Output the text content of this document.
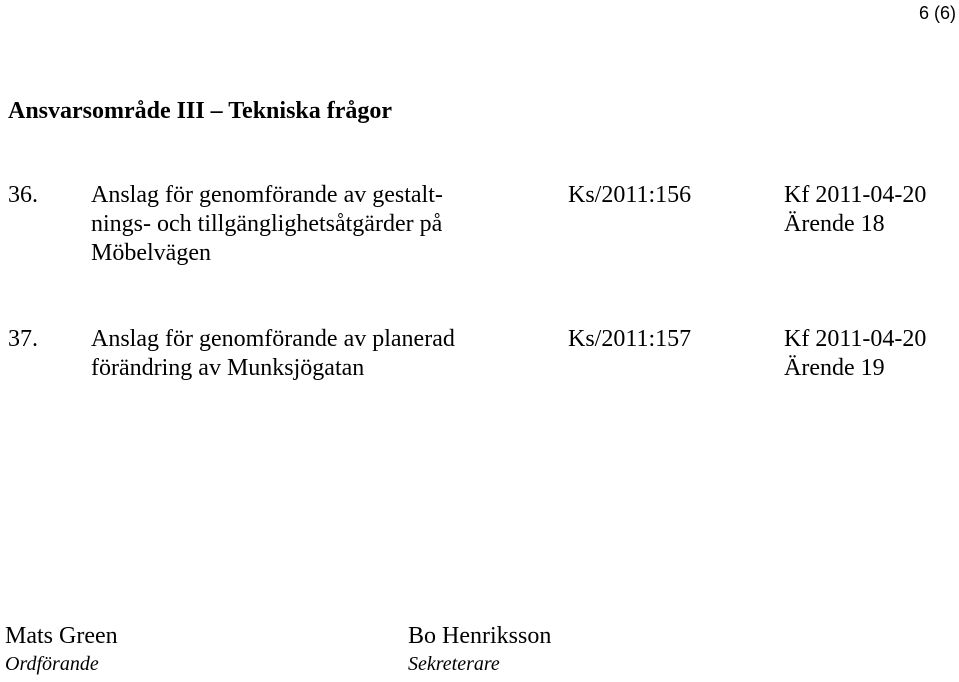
6 (6)
Ansvarsområde III – Tekniska frågor
36. Anslag för genomförande av gestalt-
nings- och tillgänglighetsåtgärder på
Möbelvägen
Ks/2011:156	Kf 2011-04-20
Ärende 18
37. Anslag för genomförande av planerad
förändring av Munksjögatan
Ks/2011:157	Kf 2011-04-20
Ärende 19
Mats Green
Ordförande
Bo Henriksson
Sekreterare
